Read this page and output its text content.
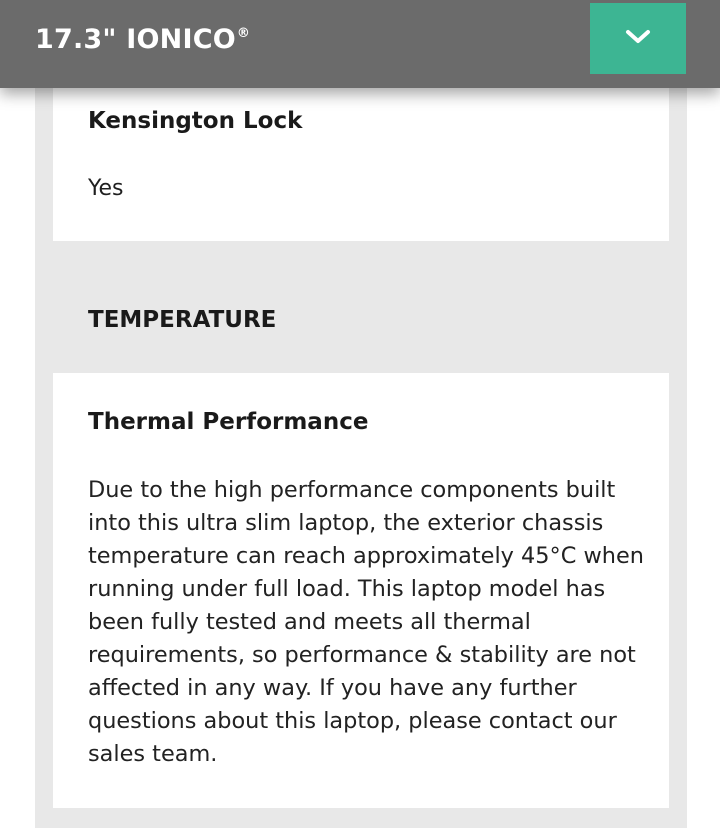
17.3" IONICO®
Kensington Lock
Yes
TEMPERATURE
Thermal Performance

Due to the high performance components built into this ultra slim laptop, the exterior chassis temperature can reach approximately 45°C when running under full load. This laptop model has been fully tested and meets all thermal requirements, so performance & stability are not affected in any way. If you have any further questions about this laptop, please contact our sales team.
